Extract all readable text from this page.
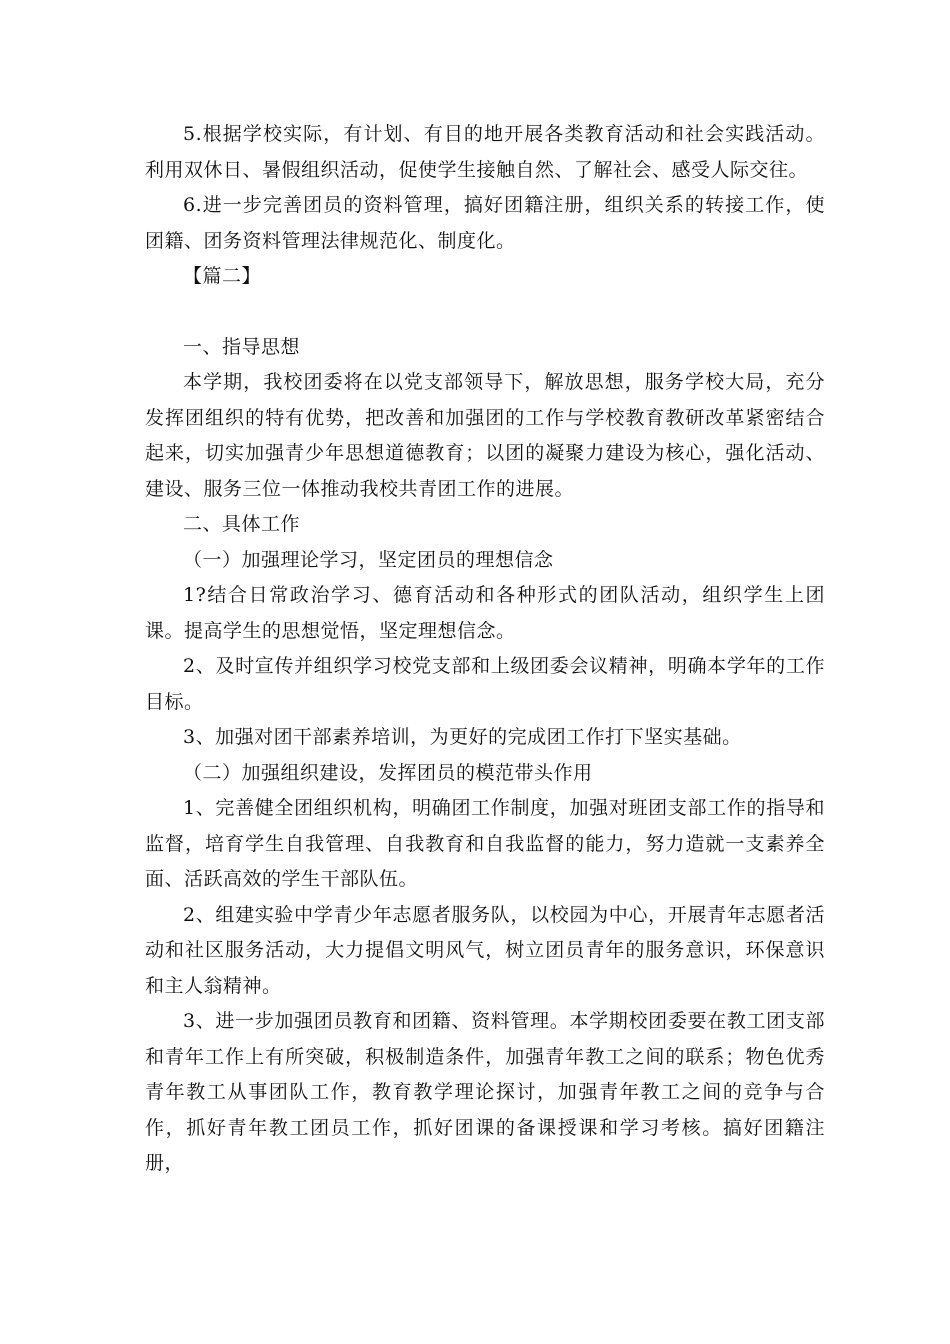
5.根据学校实际，有计划、有目的地开展各类教育活动和社会实践活动。利用双休日、暑假组织活动，促使学生接触自然、了解社会、感受人际交往。

6.进一步完善团员的资料管理，搞好团籍注册，组织关系的转接工作，使团籍、团务资料管理法律规范化、制度化。

【篇二】

一、指导思想

本学期，我校团委将在以党支部领导下，解放思想，服务学校大局，充分发挥团组织的特有优势，把改善和加强团的工作与学校教育教研改革紧密结合起来，切实加强青少年思想道德教育；以团的凝聚力建设为核心，强化活动、建设、服务三位一体推动我校共青团工作的进展。

二、具体工作

（一）加强理论学习，坚定团员的理想信念

1?结合日常政治学习、德育活动和各种形式的团队活动，组织学生上团课。提高学生的思想觉悟，坚定理想信念。

2、及时宣传并组织学习校党支部和上级团委会议精神，明确本学年的工作目标。

3、加强对团干部素养培训，为更好的完成团工作打下坚实基础。

（二）加强组织建设，发挥团员的模范带头作用

1、完善健全团组织机构，明确团工作制度，加强对班团支部工作的指导和监督，培育学生自我管理、自我教育和自我监督的能力，努力造就一支素养全面、活跃高效的学生干部队伍。

2、组建实验中学青少年志愿者服务队，以校园为中心，开展青年志愿者活动和社区服务活动，大力提倡文明风气，树立团员青年的服务意识，环保意识和主人翁精神。

3、进一步加强团员教育和团籍、资料管理。本学期校团委要在教工团支部和青年工作上有所突破，积极制造条件，加强青年教工之间的联系；物色优秀青年教工从事团队工作，教育教学理论探讨，加强青年教工之间的竞争与合作，抓好青年教工团员工作，抓好团课的备课授课和学习考核。搞好团籍注册，
